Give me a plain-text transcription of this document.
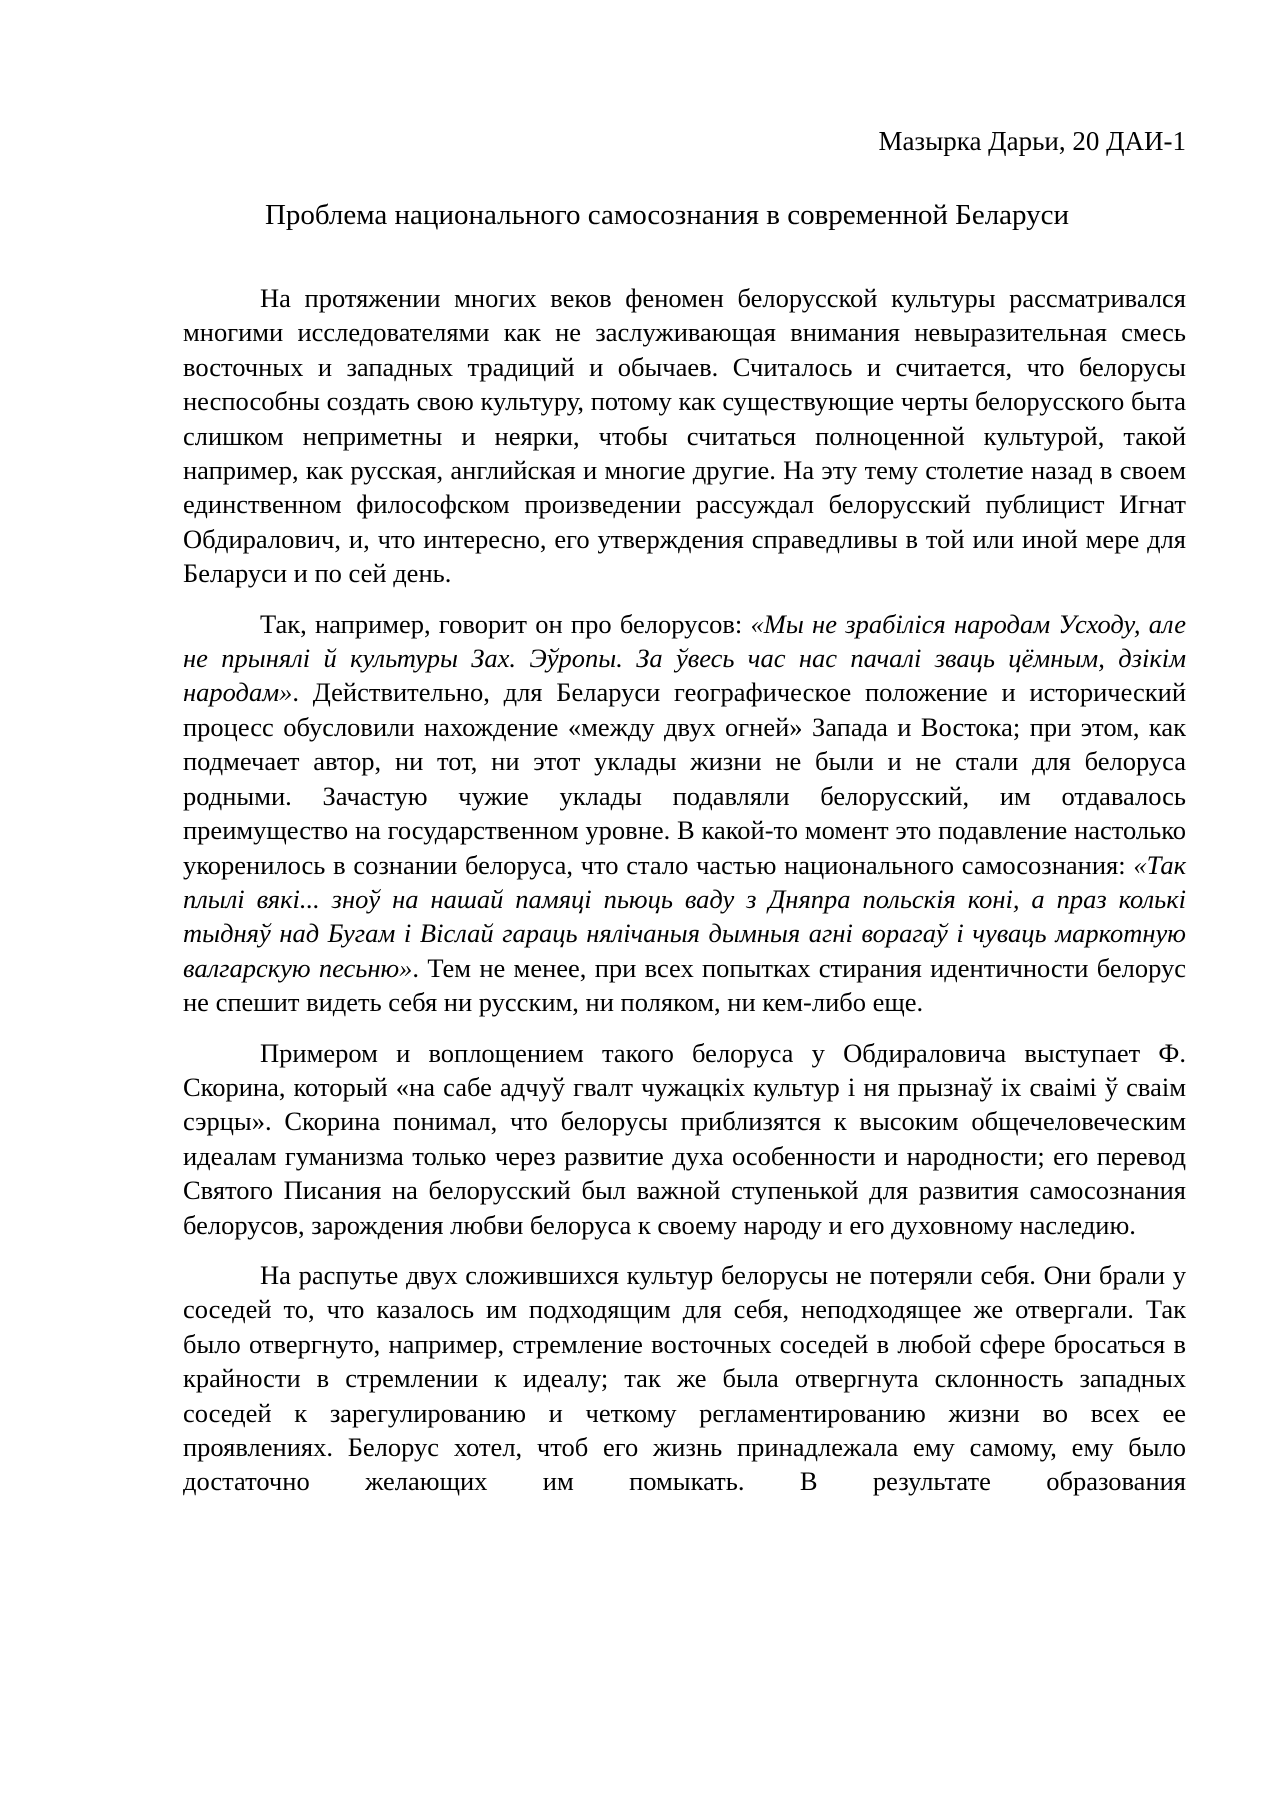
Мазырка Дарьи, 20 ДАИ-1
Проблема национального самосознания в современной Беларуси

На протяжении многих веков феномен белорусской культуры рассматривался многими исследователями как не заслуживающая внимания невыразительная смесь восточных и западных традиций и обычаев. Считалось и считается, что белорусы неспособны создать свою культуру, потому как существующие черты белорусского быта слишком неприметны и неярки, чтобы считаться полноценной культурой, такой например, как русская, английская и многие другие. На эту тему столетие назад в своем единственном философском произведении рассуждал белорусский публицист Игнат Обдиралович, и, что интересно, его утверждения справедливы в той или иной мере для Беларуси и по сей день.

Так, например, говорит он про белорусов: «Мы не зрабіліся народам Усходу, але не прынялі й культуры Зах. Эўропы. За ўвесь час нас пачалі зваць цёмным, дзікім народам». Действительно, для Беларуси географическое положение и исторический процесс обусловили нахождение «между двух огней» Запада и Востока; при этом, как подмечает автор, ни тот, ни этот уклады жизни не были и не стали для белоруса родными. Зачастую чужие уклады подавляли белорусский, им отдавалось преимущество на государственном уровне. В какой-то момент это подавление настолько укоренилось в сознании белоруса, что стало частью национального самосознания: «Так плылі вякі... зноў на нашай памяці пьюць ваду з Дняпра польскія коні, а праз колькі тыдняў над Бугам і Віслай гарaць нялічаныя дымныя агні ворагаў і чуваць маркотную валгарскую песьню». Тем не менее, при всех попытках стирания идентичности белорус не спешит видеть себя ни русским, ни поляком, ни кем-либо еще.

Примером и воплощением такого белоруса у Обдираловича выступает Ф. Скорина, который «на сабе адчуў гвалт чужацкіх культур і ня прызнаў іх сваімі ў сваім сэрцы». Скорина понимал, что белорусы приблизятся к высоким общечеловеческим идеалам гуманизма только через развитие духа особенности и народности; его перевод Святого Писания на белорусский был важной ступенькой для развития самосознания белорусов, зарождения любви белоруса к своему народу и его духовному наследию.

На распутье двух сложившихся культур белорусы не потеряли себя. Они брали у соседей то, что казалось им подходящим для себя, неподходящее же отвергали. Так было отвергнуто, например, стремление восточных соседей в любой сфере бросаться в крайности в стремлении к идеалу; так же была отвергнута склонность западных соседей к зарегулированию и четкому регламентированию жизни во всех ее проявлениях. Белорус хотел, чтоб его жизнь принадлежала ему самому, ему было достаточно желающих им помыкать. В результате образования
